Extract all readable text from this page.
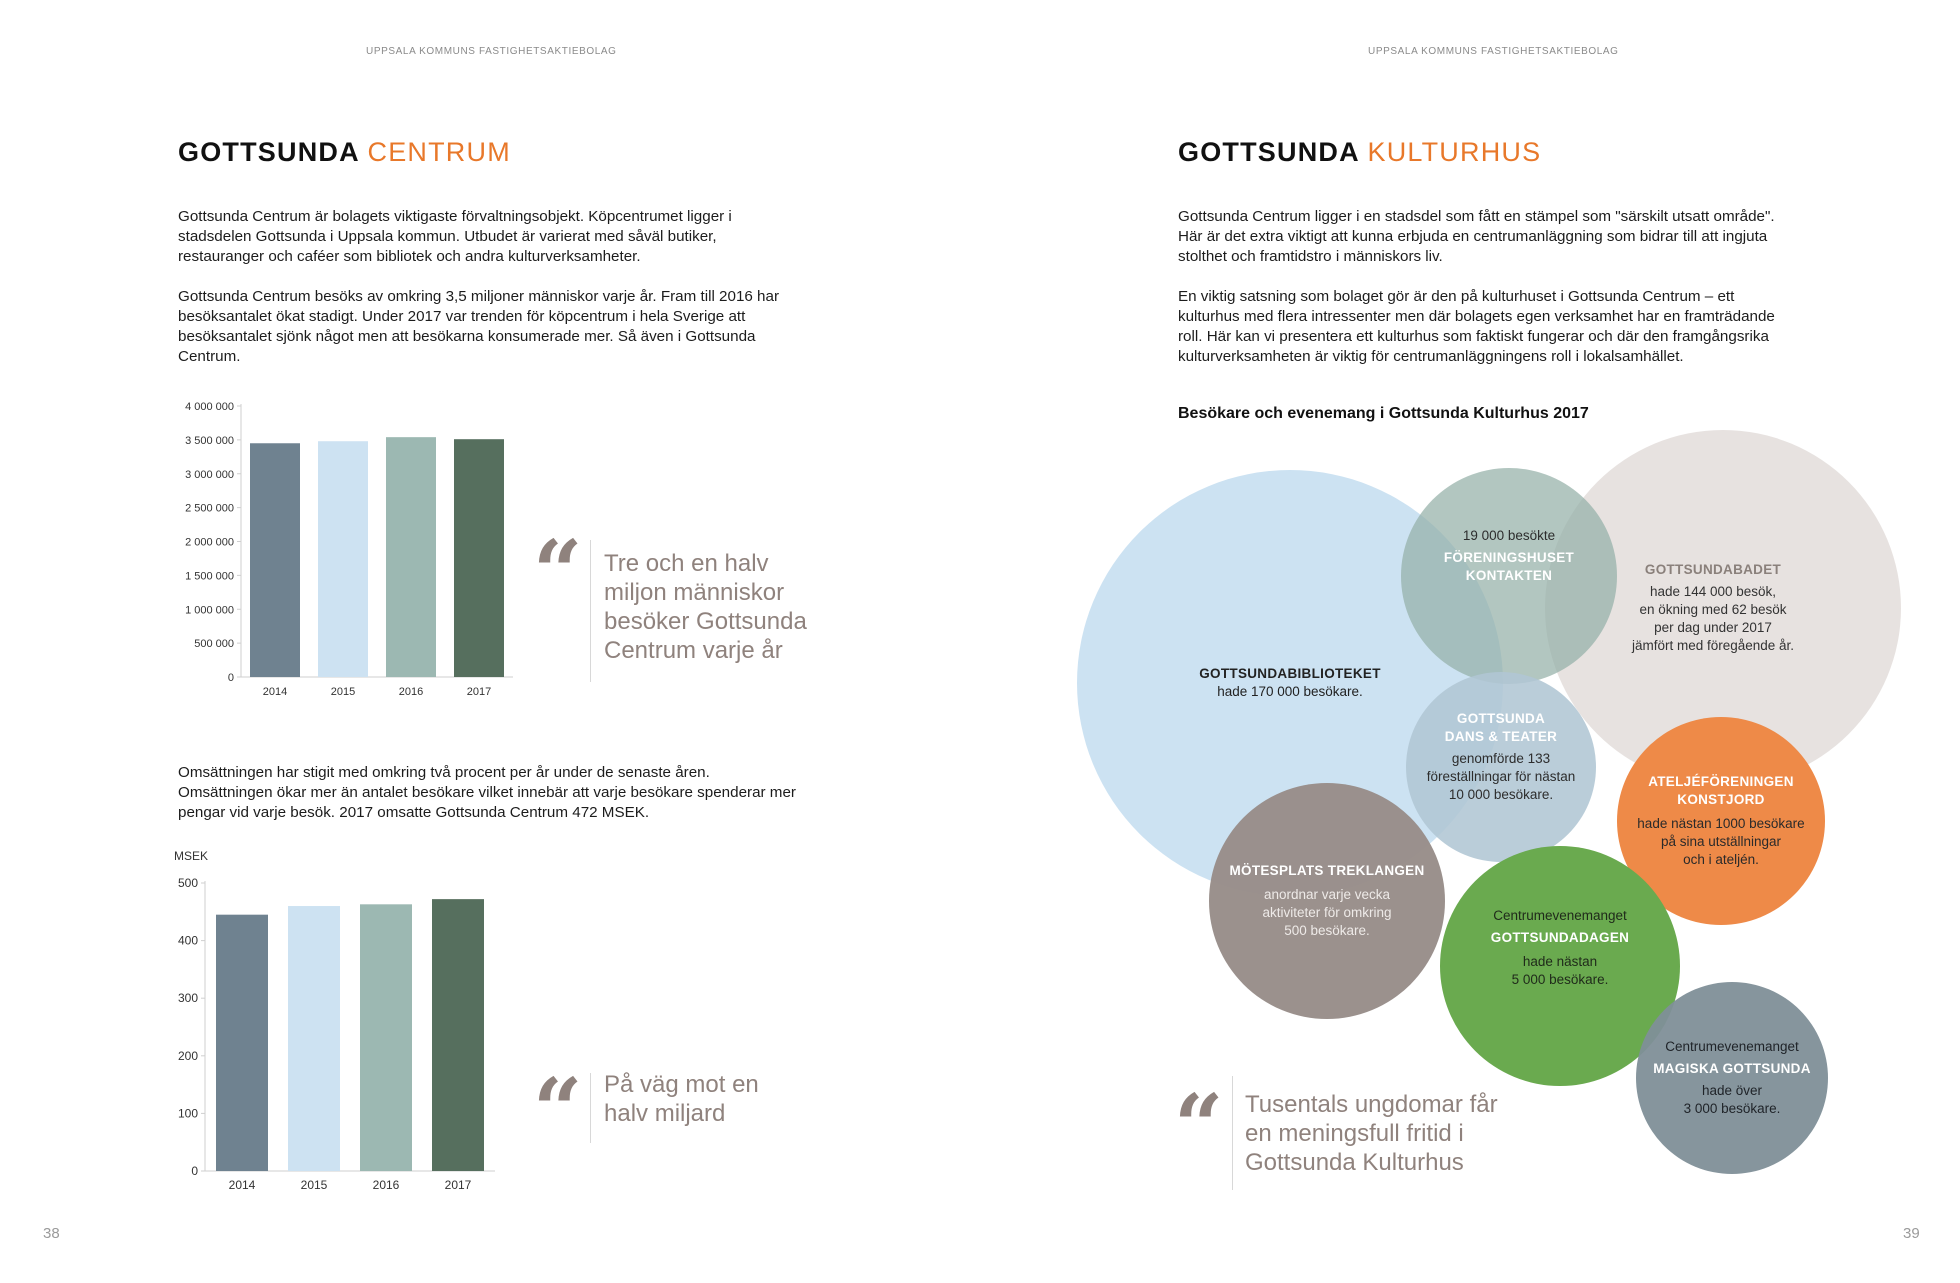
UPPSALA KOMMUNS FASTIGHETSAKTIEBOLAG
GOTTSUNDA CENTRUM

Gottsunda Centrum är bolagets viktigaste förvaltningsobjekt. Köpcentrumet ligger i stadsdelen Gottsunda i Uppsala kommun. Utbudet är varierat med såväl butiker, restauranger och caféer som bibliotek och andra kulturverksamheter.

Gottsunda Centrum besöks av omkring 3,5 miljoner människor varje år. Fram till 2016 har besöksantalet ökat stadigt. Under 2017 var trenden för köpcentrum i hela Sverige att besöksantalet sjönk något men att besökarna konsumerade mer. Så även i Gottsunda Centrum.

0
500 000
1 000 000
1 500 000
2 000 000
2 500 000
3 000 000
3 500 000
4 000 000
2014	2015	2016	2017
“ Tre och en halv miljon människor besöker Gottsunda Centrum varje år
Omsättningen har stigit med omkring två procent per år under de senaste åren. Omsättningen ökar mer än antalet besökare vilket innebär att varje besökare spenderar mer pengar vid varje besök. 2017 omsatte Gottsunda Centrum 472 MSEK.
0
100
200
300
400
500
MSEK
2014	2015	2016	2017
“ På väg mot en halv miljard
38
UPPSALA KOMMUNS FASTIGHETSAKTIEBOLAG
GOTTSUNDA KULTURHUS

Gottsunda Centrum ligger i en stadsdel som fått en stämpel som "särskilt utsatt område". Här är det extra viktigt att kunna erbjuda en centrumanläggning som bidrar till att ingjuta stolthet och framtidstro i människors liv.

En viktig satsning som bolaget gör är den på kulturhuset i Gottsunda Centrum – ett kulturhus med flera intressenter men där bolagets egen verksamhet har en framträdande roll. Här kan vi presentera ett kulturhus som faktiskt fungerar och där den framgångsrika kulturverksamheten är viktig för centrumanläggningens roll i lokalsamhället.

Besökare och evenemang i Gottsunda Kulturhus 2017
GOTTSUNDABIBLIOTEKET
hade 170 000 besökare.
GOTTSUNDABADET
hade 144 000 besök,
en ökning med 62 besök
per dag under 2017
jämfört med föregående år.
19 000 besökte
FÖRENINGSHUSET
KONTAKTEN
GOTTSUNDA
DANS & TEATER
genomförde 133
föreställningar för nästan
10 000 besökare.
ATELJÉFÖRENINGEN
KONSTJORD
hade nästan 1000 besökare
på sina utställningar
och i ateljén.
MÖTESPLATS TREKLANGEN
anordnar varje vecka
aktiviteter för omkring
500 besökare.
Centrumevenemanget
GOTTSUNDADAGEN
hade nästan
5 000 besökare.
Centrumevenemanget
MAGISKA GOTTSUNDA
hade över
3 000 besökare.
“ Tusentals ungdomar får en meningsfull fritid i Gottsunda Kulturhus
39
